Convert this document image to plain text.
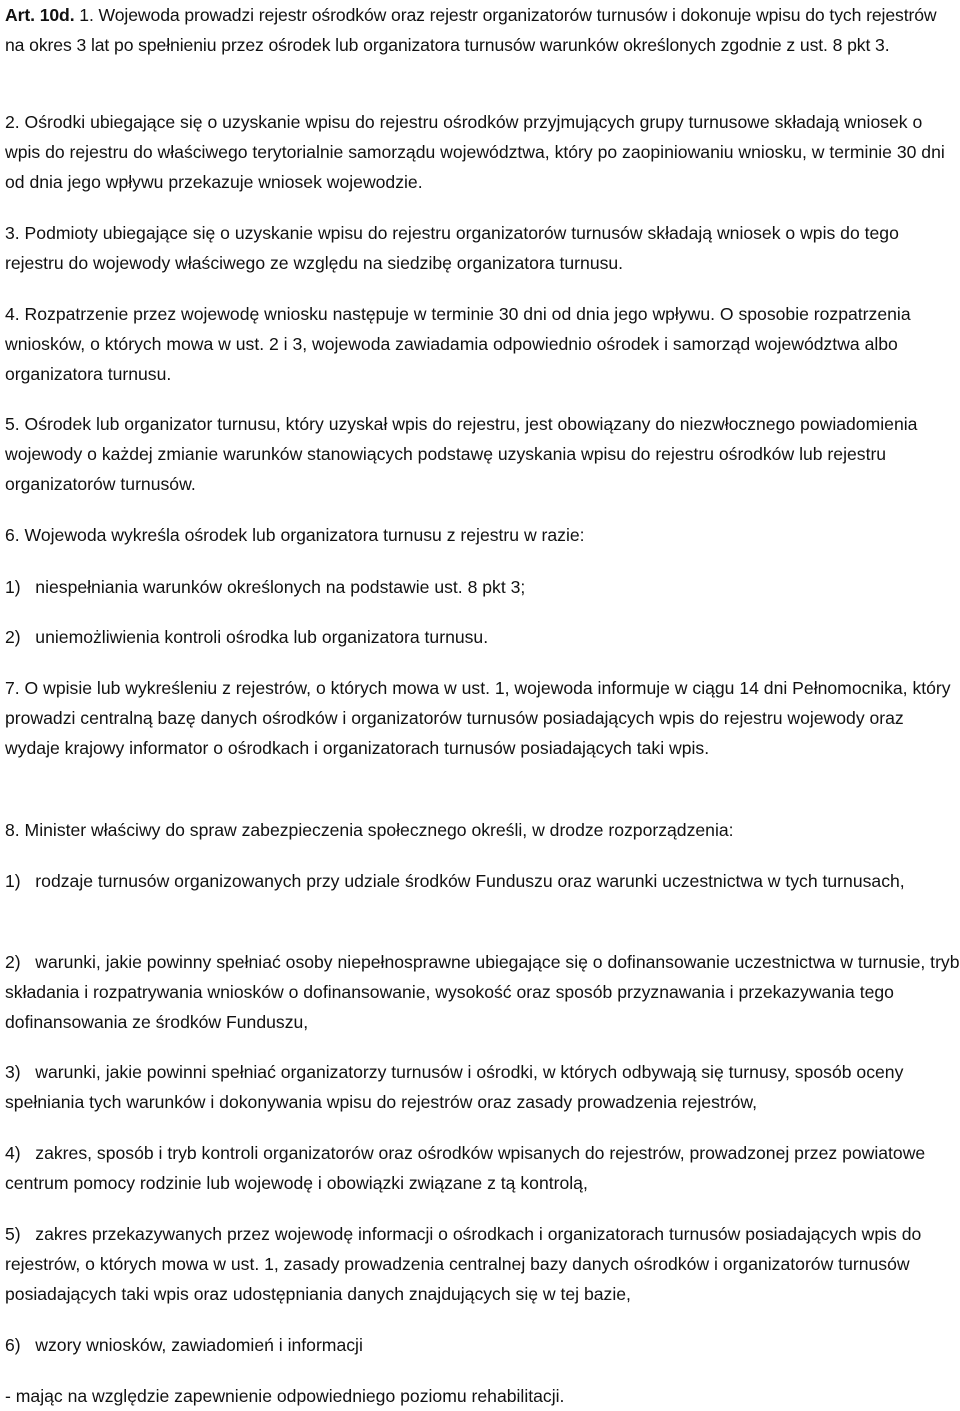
Art. 10d. 1. Wojewoda prowadzi rejestr ośrodków oraz rejestr organizatorów turnusów i dokonuje wpisu do tych rejestrów na okres 3 lat po spełnieniu przez ośrodek lub organizatora turnusów warunków określonych zgodnie z ust. 8 pkt 3.
2. Ośrodki ubiegające się o uzyskanie wpisu do rejestru ośrodków przyjmujących grupy turnusowe składają wniosek o wpis do rejestru do właściwego terytorialnie samorządu województwa, który po zaopiniowaniu wniosku, w terminie 30 dni od dnia jego wpływu przekazuje wniosek wojewodzie.
3. Podmioty ubiegające się o uzyskanie wpisu do rejestru organizatorów turnusów składają wniosek o wpis do tego rejestru do wojewody właściwego ze względu na siedzibę organizatora turnusu.
4. Rozpatrzenie przez wojewodę wniosku następuje w terminie 30 dni od dnia jego wpływu. O sposobie rozpatrzenia wniosków, o których mowa w ust. 2 i 3, wojewoda zawiadamia odpowiednio ośrodek i samorząd województwa albo organizatora turnusu.
5. Ośrodek lub organizator turnusu, który uzyskał wpis do rejestru, jest obowiązany do niezwłocznego powiadomienia wojewody o każdej zmianie warunków stanowiących podstawę uzyskania wpisu do rejestru ośrodków lub rejestru organizatorów turnusów.
6. Wojewoda wykreśla ośrodek lub organizatora turnusu z rejestru w razie:
1)   niespełniania warunków określonych na podstawie ust. 8 pkt 3;
2)   uniemożliwienia kontroli ośrodka lub organizatora turnusu.
7. O wpisie lub wykreśleniu z rejestrów, o których mowa w ust. 1, wojewoda informuje w ciągu 14 dni Pełnomocnika, który prowadzi centralną bazę danych ośrodków i organizatorów turnusów posiadających wpis do rejestru wojewody oraz wydaje krajowy informator o ośrodkach i organizatorach turnusów posiadających taki wpis.
8. Minister właściwy do spraw zabezpieczenia społecznego określi, w drodze rozporządzenia:
1)   rodzaje turnusów organizowanych przy udziale środków Funduszu oraz warunki uczestnictwa w tych turnusach,
2)   warunki, jakie powinny spełniać osoby niepełnosprawne ubiegające się o dofinansowanie uczestnictwa w turnusie, tryb składania i rozpatrywania wniosków o dofinansowanie, wysokość oraz sposób przyznawania i przekazywania tego dofinansowania ze środków Funduszu,
3)   warunki, jakie powinni spełniać organizatorzy turnusów i ośrodki, w których odbywają się turnusy, sposób oceny spełniania tych warunków i dokonywania wpisu do rejestrów oraz zasady prowadzenia rejestrów,
4)   zakres, sposób i tryb kontroli organizatorów oraz ośrodków wpisanych do rejestrów, prowadzonej przez powiatowe centrum pomocy rodzinie lub wojewodę i obowiązki związane z tą kontrolą,
5)   zakres przekazywanych przez wojewodę informacji o ośrodkach i organizatorach turnusów posiadających wpis do rejestrów, o których mowa w ust. 1, zasady prowadzenia centralnej bazy danych ośrodków i organizatorów turnusów posiadających taki wpis oraz udostępniania danych znajdujących się w tej bazie,
6)   wzory wniosków, zawiadomień i informacji
- mając na względzie zapewnienie odpowiedniego poziomu rehabilitacji.
